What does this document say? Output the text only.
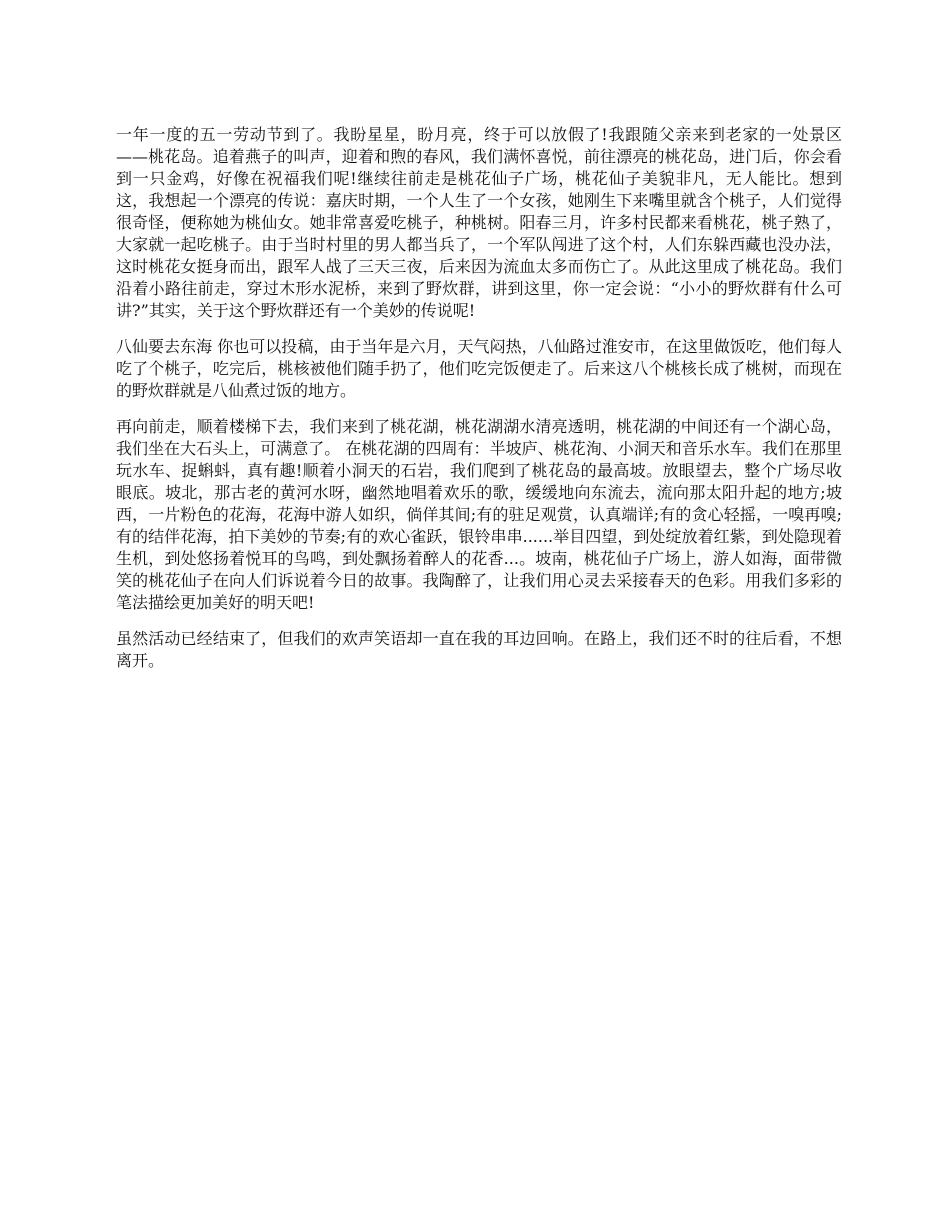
一年一度的五一劳动节到了。我盼星星，盼月亮，终于可以放假了!我跟随父亲来到老家的一处景区——桃花岛。追着燕子的叫声，迎着和煦的春风，我们满怀喜悦，前往漂亮的桃花岛，进门后，你会看到一只金鸡，好像在祝福我们呢!继续往前走是桃花仙子广场，桃花仙子美貌非凡，无人能比。想到这，我想起一个漂亮的传说：嘉庆时期，一个人生了一个女孩，她刚生下来嘴里就含个桃子，人们觉得很奇怪，便称她为桃仙女。她非常喜爱吃桃子，种桃树。阳春三月，许多村民都来看桃花，桃子熟了，大家就一起吃桃子。由于当时村里的男人都当兵了，一个军队闯进了这个村，人们东躲西藏也没办法，这时桃花女挺身而出，跟军人战了三天三夜，后来因为流血太多而伤亡了。从此这里成了桃花岛。我们沿着小路往前走，穿过木形水泥桥，来到了野炊群，讲到这里，你一定会说：“小小的野炊群有什么可讲?”其实，关于这个野炊群还有一个美妙的传说呢!

八仙要去东海 你也可以投稿，由于当年是六月，天气闷热，八仙路过淮安市，在这里做饭吃，他们每人吃了个桃子，吃完后，桃核被他们随手扔了，他们吃完饭便走了。后来这八个桃核长成了桃树，而现在的野炊群就是八仙煮过饭的地方。

再向前走，顺着楼梯下去，我们来到了桃花湖，桃花湖湖水清亮透明，桃花湖的中间还有一个湖心岛，我们坐在大石头上，可满意了。 在桃花湖的四周有：半坡庐、桃花洵、小洞天和音乐水车。我们在那里玩水车、捉蝌蚪，真有趣!顺着小洞天的石岩，我们爬到了桃花岛的最高坡。放眼望去，整个广场尽收眼底。坡北，那古老的黄河水呀，幽然地唱着欢乐的歌，缓缓地向东流去，流向那太阳升起的地方;坡西，一片粉色的花海，花海中游人如织，倘佯其间;有的驻足观赏，认真端详;有的贪心轻摇，一嗅再嗅;有的结伴花海，拍下美妙的节奏;有的欢心雀跃，银铃串串......举目四望，到处绽放着红紫，到处隐现着生机，到处悠扬着悦耳的鸟鸣，到处飘扬着醉人的花香...。坡南，桃花仙子广场上，游人如海，面带微笑的桃花仙子在向人们诉说着今日的故事。我陶醉了，让我们用心灵去采接春天的色彩。用我们多彩的笔法描绘更加美好的明天吧!

虽然活动已经结束了，但我们的欢声笑语却一直在我的耳边回响。在路上，我们还不时的往后看，不想离开。
